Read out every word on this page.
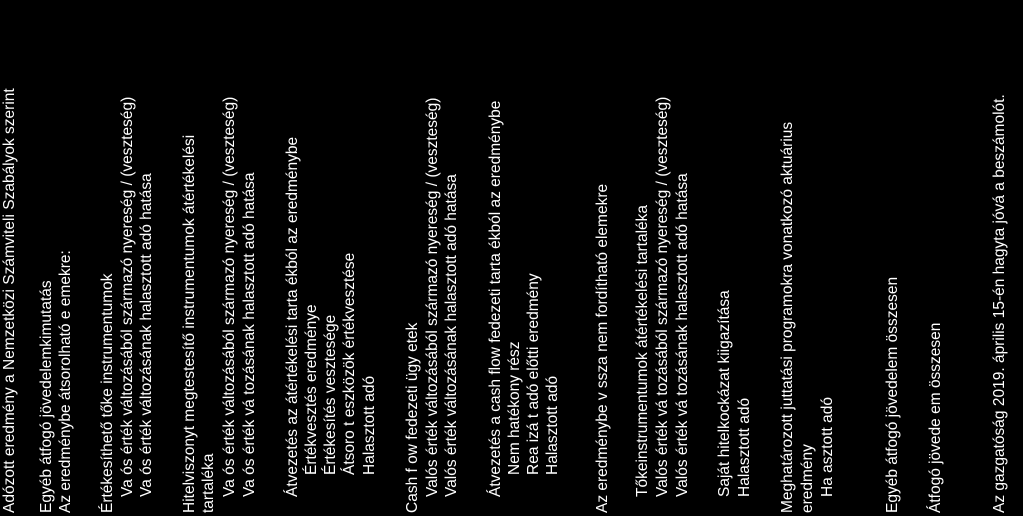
Adózott eredmény a Nemzetközi Számviteli Szabályok szerint Egyéb átfogó jövedelemkimutatás Az eredménybe átsorolható e emekre: Értékesíthető tőke instrumentumok Va ós érték változásából származó nyereség / (veszteség) Va ós érték változásának halasztott adó hatása Hitelviszonyt megtestesítő instrumentumok átértékelési tartaléka Va ós érték változásából származó nyereség / (veszteség) Va ós érték vá tozásának halasztott adó hatása Átvezetés az átértékelési tarta ékból az eredménybe Értékvesztés eredménye Értékesítés vesztesége Átsoro t eszközök értékvesztése Halasztott adó Cash f ow fedezeti ügy etek Valós érték változásából származó nyereség / (veszteség) Valós érték változásának halasztott adó hatása Átvezetés a cash flow fedezeti tarta ékból az eredménybe Nem hatékony rész Rea izá t adó előtti eredmény Halasztott adó Az eredménybe v ssza nem fordítható elemekre Tőkeinstrumentumok átértékelési tartaléka Valós érték vá tozásából származó nyereség / (veszteség) Valós érték vá tozásának halasztott adó hatása Saját hitelkockázat kiigazítása Halasztott adó Meghatározott juttatási programokra vonatkozó aktuárius eredmény Ha asztott adó	Egyéb átfogó jövedelem összesen Átfogó jövede em összesen	Az gazgatóság 2019. április 15-én hagyta jóvá a beszámolót.
